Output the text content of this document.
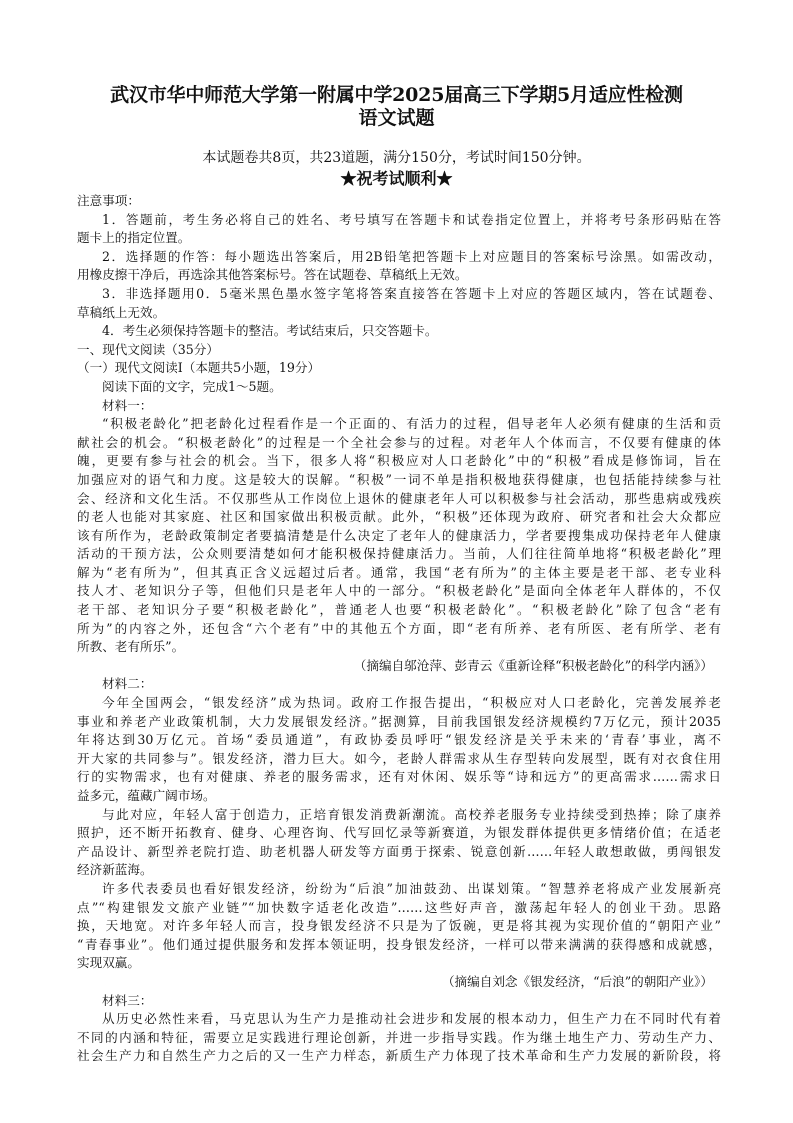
武汉市华中师范大学第一附属中学2025届高三下学期5月适应性检测
语文试题
本试题卷共8页，共23道题，满分150分，考试时间150分钟。
★祝考试顺利★
注意事项：
1．答题前，考生务必将自己的姓名、考号填写在答题卡和试卷指定位置上，并将考号条形码贴在答
题卡上的指定位置。
2．选择题的作答：每小题选出答案后，用2B铅笔把答题卡上对应题目的答案标号涂黑。如需改动，
用橡皮擦干净后，再选涂其他答案标号。答在试题卷、草稿纸上无效。
3．非选择题用0．5毫米黑色墨水签字笔将答案直接答在答题卡上对应的答题区域内，答在试题卷、
草稿纸上无效。
4．考生必须保持答题卡的整洁。考试结束后，只交答题卡。
一、现代文阅读（35分）
（一）现代文阅读Ⅰ（本题共5小题，19分）
阅读下面的文字，完成1～5题。
材料一：
“积极老龄化”把老龄化过程看作是一个正面的、有活力的过程，倡导老年人必须有健康的生活和贡
献社会的机会。“积极老龄化”的过程是一个全社会参与的过程。对老年人个体而言，不仅要有健康的体
魄，更要有参与社会的机会。当下，很多人将“积极应对人口老龄化”中的“积极”看成是修饰词，旨在
加强应对的语气和力度。这是较大的误解。“积极”一词不单是指积极地获得健康，也包括能持续参与社
会、经济和文化生活。不仅那些从工作岗位上退休的健康老年人可以积极参与社会活动，那些患病或残疾
的老人也能对其家庭、社区和国家做出积极贡献。此外，“积极”还体现为政府、研究者和社会大众都应
该有所作为，老龄政策制定者要搞清楚是什么决定了老年人的健康活力，学者要搜集成功保持老年人健康
活动的干预方法，公众则要清楚如何才能积极保持健康活力。当前，人们往往简单地将“积极老龄化”理
解为“老有所为”，但其真正含义远超过后者。通常，我国“老有所为”的主体主要是老干部、老专业科
技人才、老知识分子等，但他们只是老年人中的一部分。“积极老龄化”是面向全体老年人群体的，不仅
老干部、老知识分子要“积极老龄化”，普通老人也要“积极老龄化”。“积极老龄化”除了包含“老有
所为”的内容之外，还包含“六个老有”中的其他五个方面，即“老有所养、老有所医、老有所学、老有
所教、老有所乐”。
（摘编自邬沧萍、彭青云《重新诠释“积极老龄化”的科学内涵》）
材料二：
今年全国两会，“银发经济”成为热词。政府工作报告提出，“积极应对人口老龄化，完善发展养老
事业和养老产业政策机制，大力发展银发经济。”据测算，目前我国银发经济规模约7万亿元，预计2035
年将达到30万亿元。首场“委员通道”，有政协委员呼吁“银发经济是关乎未来的‘青春’事业，离不
开大家的共同参与”。银发经济，潜力巨大。如今，老龄人群需求从生存型转向发展型，既有对衣食住用
行的实物需求，也有对健康、养老的服务需求，还有对休闲、娱乐等“诗和远方”的更高需求……需求日
益多元，蕴藏广阔市场。
与此对应，年轻人富于创造力，正培育银发消费新潮流。高校养老服务专业持续受到热捧；除了康养
照护，还不断开拓教育、健身、心理咨询、代写回忆录等新赛道，为银发群体提供更多情绪价值；在适老
产品设计、新型养老院打造、助老机器人研发等方面勇于探索、锐意创新……年轻人敢想敢做，勇闯银发
经济新蓝海。
许多代表委员也看好银发经济，纷纷为“后浪”加油鼓劲、出谋划策。“智慧养老将成产业发展新亮
点”“构建银发文旅产业链”“加快数字适老化改造”……这些好声音，激荡起年轻人的创业干劲。思路
换，天地宽。对许多年轻人而言，投身银发经济不只是为了饭碗，更是将其视为实现价值的“朝阳产业”
“青春事业”。他们通过提供服务和发挥本领证明，投身银发经济，一样可以带来满满的获得感和成就感，
实现双赢。
（摘编自刘念《银发经济，“后浪”的朝阳产业》）
材料三：
从历史必然性来看，马克思认为生产力是推动社会进步和发展的根本动力，但生产力在不同时代有着
不同的内涵和特征，需要立足实践进行理论创新，并进一步指导实践。作为继土地生产力、劳动生产力、
社会生产力和自然生产力之后的又一生产力样态，新质生产力体现了技术革命和生产力发展的新阶段，将
